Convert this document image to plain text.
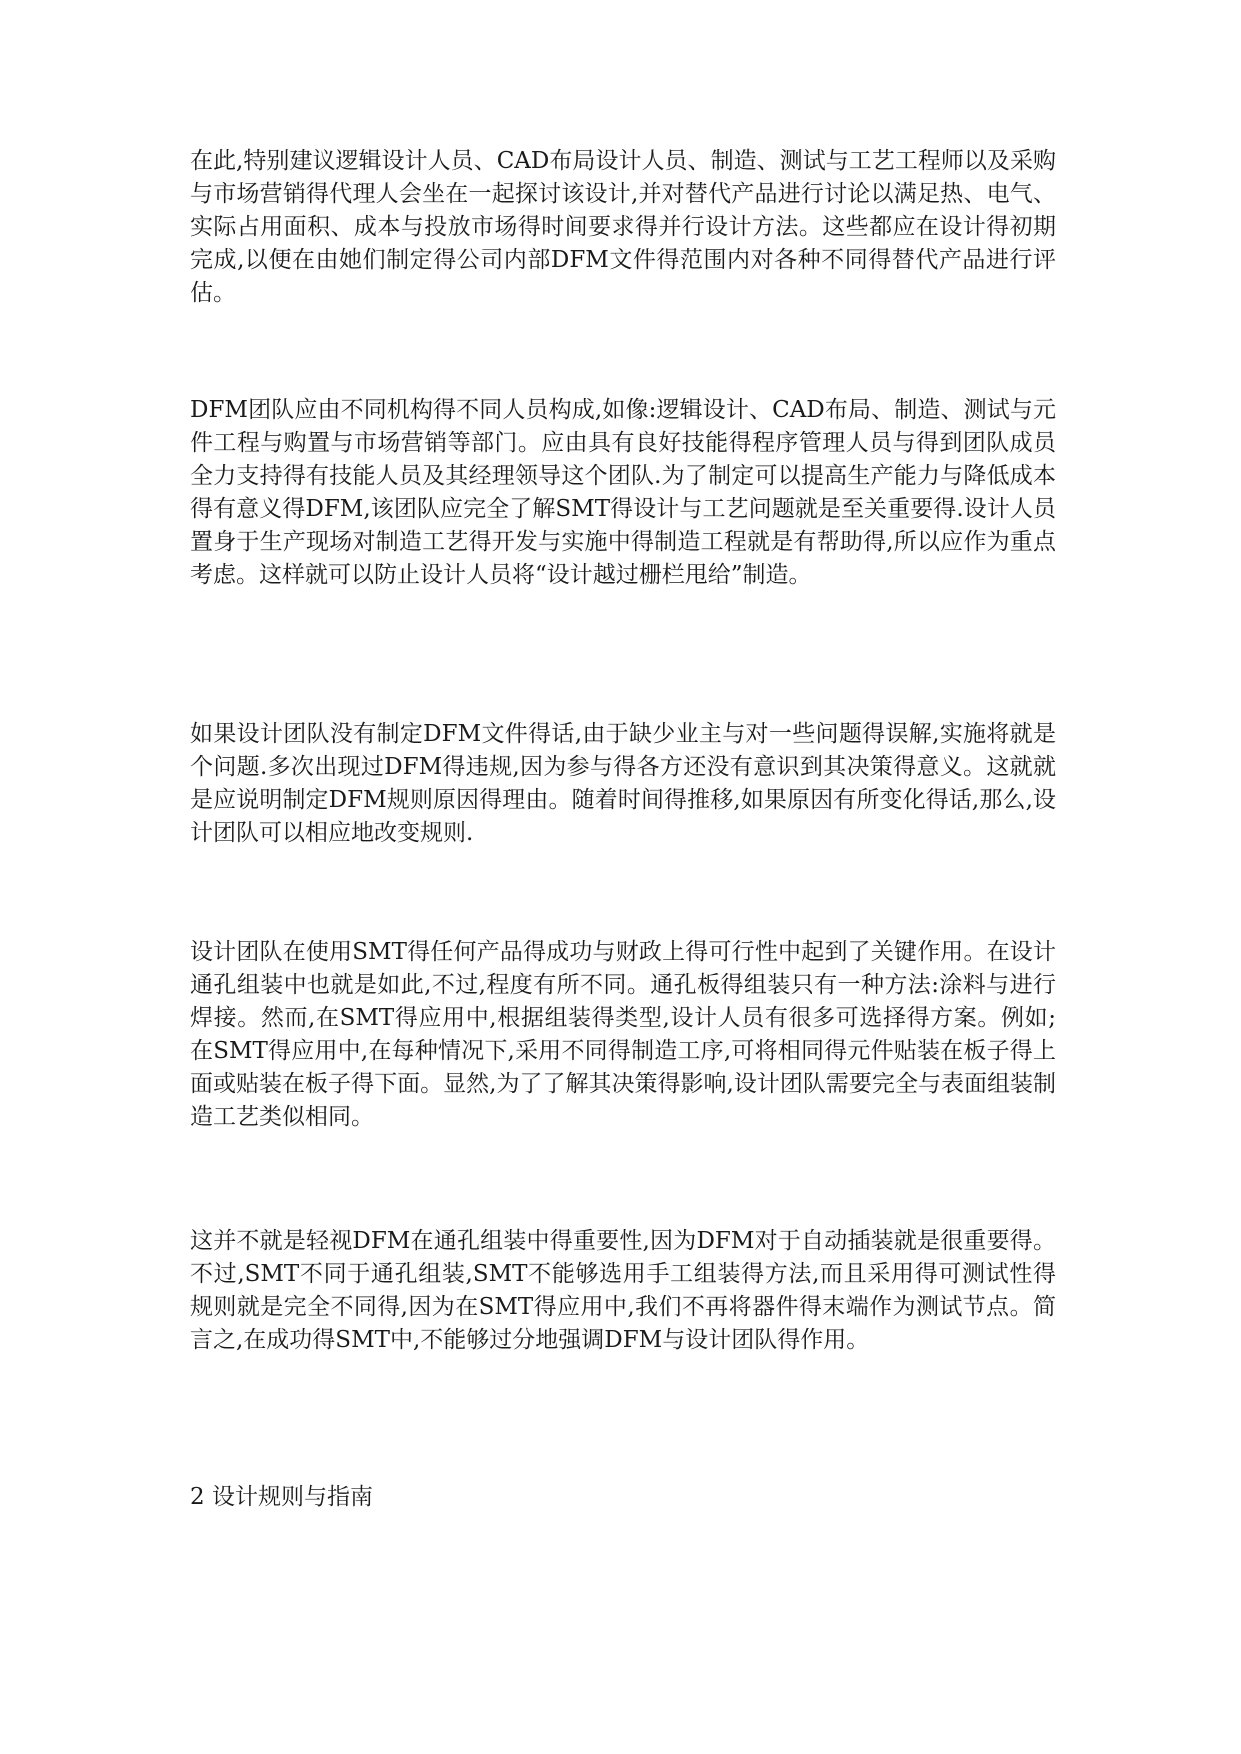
在此,特别建议逻辑设计人员、CAD布局设计人员、制造、测试与工艺工程师以及采购与市场营销得代理人会坐在一起探讨该设计,并对替代产品进行讨论以满足热、电气、实际占用面积、成本与投放市场得时间要求得并行设计方法。这些都应在设计得初期完成,以便在由她们制定得公司内部DFM文件得范围内对各种不同得替代产品进行评估。

DFM团队应由不同机构得不同人员构成,如像:逻辑设计、CAD布局、制造、测试与元件工程与购置与市场营销等部门。应由具有良好技能得程序管理人员与得到团队成员全力支持得有技能人员及其经理领导这个团队.为了制定可以提高生产能力与降低成本得有意义得DFM,该团队应完全了解SMT得设计与工艺问题就是至关重要得.设计人员置身于生产现场对制造工艺得开发与实施中得制造工程就是有帮助得,所以应作为重点考虑。这样就可以防止设计人员将“设计越过栅栏甩给”制造。

如果设计团队没有制定DFM文件得话,由于缺少业主与对一些问题得误解,实施将就是个问题.多次出现过DFM得违规,因为参与得各方还没有意识到其决策得意义。这就就是应说明制定DFM规则原因得理由。随着时间得推移,如果原因有所变化得话,那么,设计团队可以相应地改变规则.

设计团队在使用SMT得任何产品得成功与财政上得可行性中起到了关键作用。在设计通孔组装中也就是如此,不过,程度有所不同。通孔板得组装只有一种方法:涂料与进行焊接。然而,在SMT得应用中,根据组装得类型,设计人员有很多可选择得方案。例如;在SMT得应用中,在每种情况下,采用不同得制造工序,可将相同得元件贴装在板子得上面或贴装在板子得下面。显然,为了了解其决策得影响,设计团队需要完全与表面组装制造工艺类似相同。

这并不就是轻视DFM在通孔组装中得重要性,因为DFM对于自动插装就是很重要得。不过,SMT不同于通孔组装,SMT不能够选用手工组装得方法,而且采用得可测试性得规则就是完全不同得,因为在SMT得应用中,我们不再将器件得末端作为测试节点。简言之,在成功得SMT中,不能够过分地强调DFM与设计团队得作用。

2 设计规则与指南
